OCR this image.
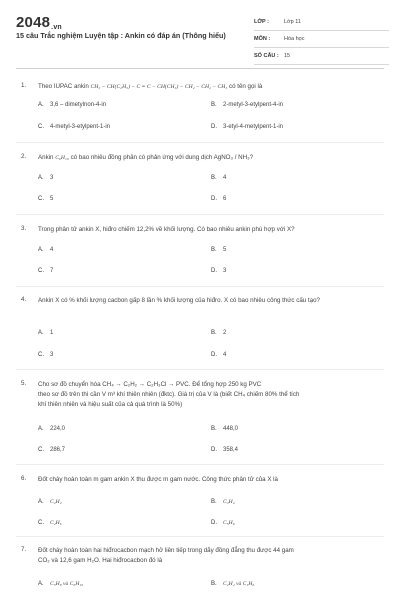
2048.vn
15 câu Trắc nghiệm Luyện tập : Ankin có đáp án (Thông hiểu)
LỚP :	Lớp 11
MÔN :	Hóa học
SỐ CÂU : 15
1. Theo IUPAC ankin CH₃ − CH(C₂H₅) − C ≡ C − CH(CH₃) − CH₂ − CH₂ − CH₃ có tên gọi là
A. 3,6 – dimetylnon-4-in	B. 2-metyl-3-etylpent-4-in
C. 4-metyl-3-etylpent-1-in	D. 3-etyl-4-metylpent-1-in
2. Ankin C₆H₁₀ có bao nhiêu đồng phân có phản ứng với dung dịch AgNO₃ / NH₃?
A. 3	B. 4
C. 5	D. 6
3. Trong phân tử ankin X, hiđro chiếm 12,2% về khối lượng. Có bao nhiêu ankin phù hợp với X?
A. 4	B. 5
C. 7	D. 3
4. Ankin X có % khối lượng cacbon gấp 8 lần % khối lượng của hiđro. X có bao nhiêu công thức cấu tạo?
A. 1	B. 2
C. 3	D. 4
5. Cho sơ đồ chuyển hóa CH₄ → C₂H₂ → C₂H₃Cl → PVC. Để tổng hợp 250 kg PVC
theo sơ đồ trên thì cần V m³ khí thiên nhiên (đktc). Giá trị của V là (biết CH₄ chiếm 80% thể tích
khí thiên nhiên và hiệu suất của cả quá trình là 50%)
A. 224,0	B. 448,0
C. 286,7	D. 358,4
6. Đốt cháy hoàn toàn m gam ankin X thu được m gam nước. Công thức phân tử của X là
A. C₂H₂	B. C₃H₄
C. C₄H₆	D. C₅H₈
7. Đốt cháy hoàn toàn hai hiđrocacbon mạch hở liên tiếp trong dãy đồng đẳng thu được 44 gam
CO₂ và 12,6 gam H₂O. Hai hiđrocacbon đó là
A. C₅H₈ và C₆H₁₀	B. C₂H₄ và C₃H₆
